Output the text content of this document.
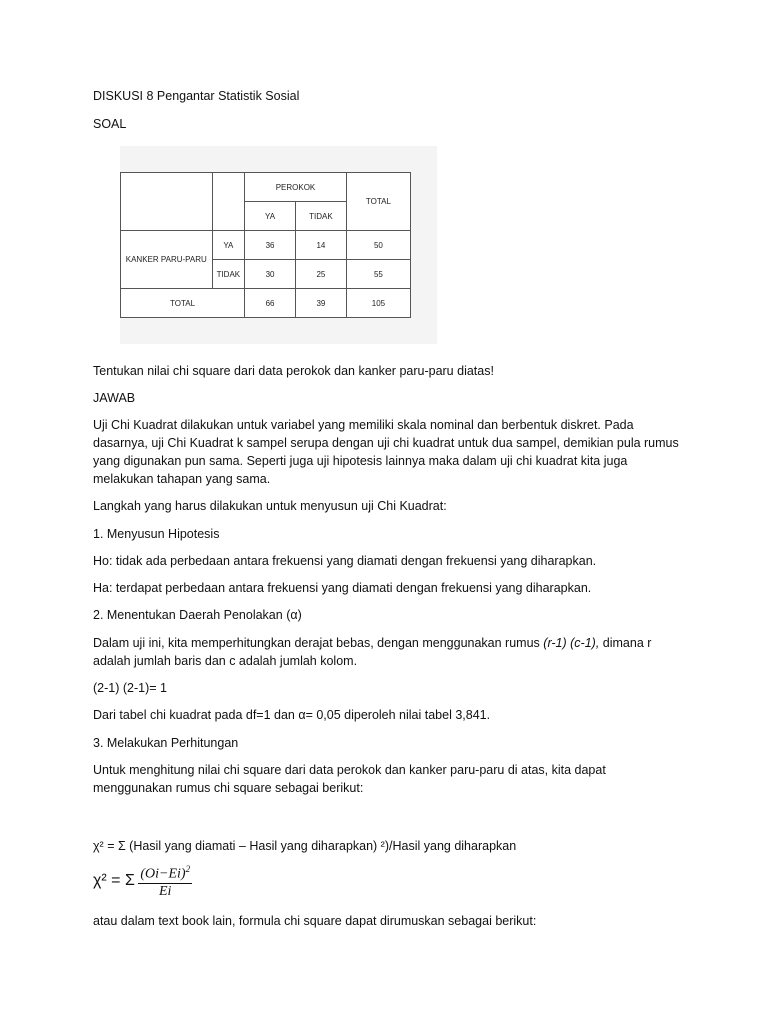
DISKUSI 8 Pengantar Statistik Sosial
SOAL
		PEROKOK		TOTAL
		YA	TIDAK	
KANKER PARU-PARU	YA	36	14	50
	TIDAK	30	25	55
TOTAL		66	39	105
Tentukan nilai chi square dari data perokok dan kanker paru-paru diatas!
JAWAB
Uji Chi Kuadrat dilakukan untuk variabel yang memiliki skala nominal dan berbentuk diskret. Pada dasarnya, uji Chi Kuadrat k sampel serupa dengan uji chi kuadrat untuk dua sampel, demikian pula rumus yang digunakan pun sama. Seperti juga uji hipotesis lainnya maka dalam uji chi kuadrat kita juga melakukan tahapan yang sama.
Langkah yang harus dilakukan untuk menyusun uji Chi Kuadrat:
1. Menyusun Hipotesis
Ho: tidak ada perbedaan antara frekuensi yang diamati dengan frekuensi yang diharapkan.
Ha: terdapat perbedaan antara frekuensi yang diamati dengan frekuensi yang diharapkan.
2. Menentukan Daerah Penolakan (α)
Dalam uji ini, kita memperhitungkan derajat bebas, dengan menggunakan rumus (r-1) (c-1), dimana r
adalah jumlah baris dan c adalah jumlah kolom.
(2-1) (2-1)= 1
Dari tabel chi kuadrat pada df=1 dan α= 0,05 diperoleh nilai tabel 3,841.
3. Melakukan Perhitungan
Untuk menghitung nilai chi square dari data perokok dan kanker paru-paru di atas, kita dapat menggunakan rumus chi square sebagai berikut:
χ² = Σ (Hasil yang diamati – Hasil yang diharapkan) ²)/Hasil yang diharapkan
χ² = Σ $\frac{(Oi-Ei)^2}{Ei}$
atau dalam text book lain, formula chi square dapat dirumuskan sebagai berikut:
